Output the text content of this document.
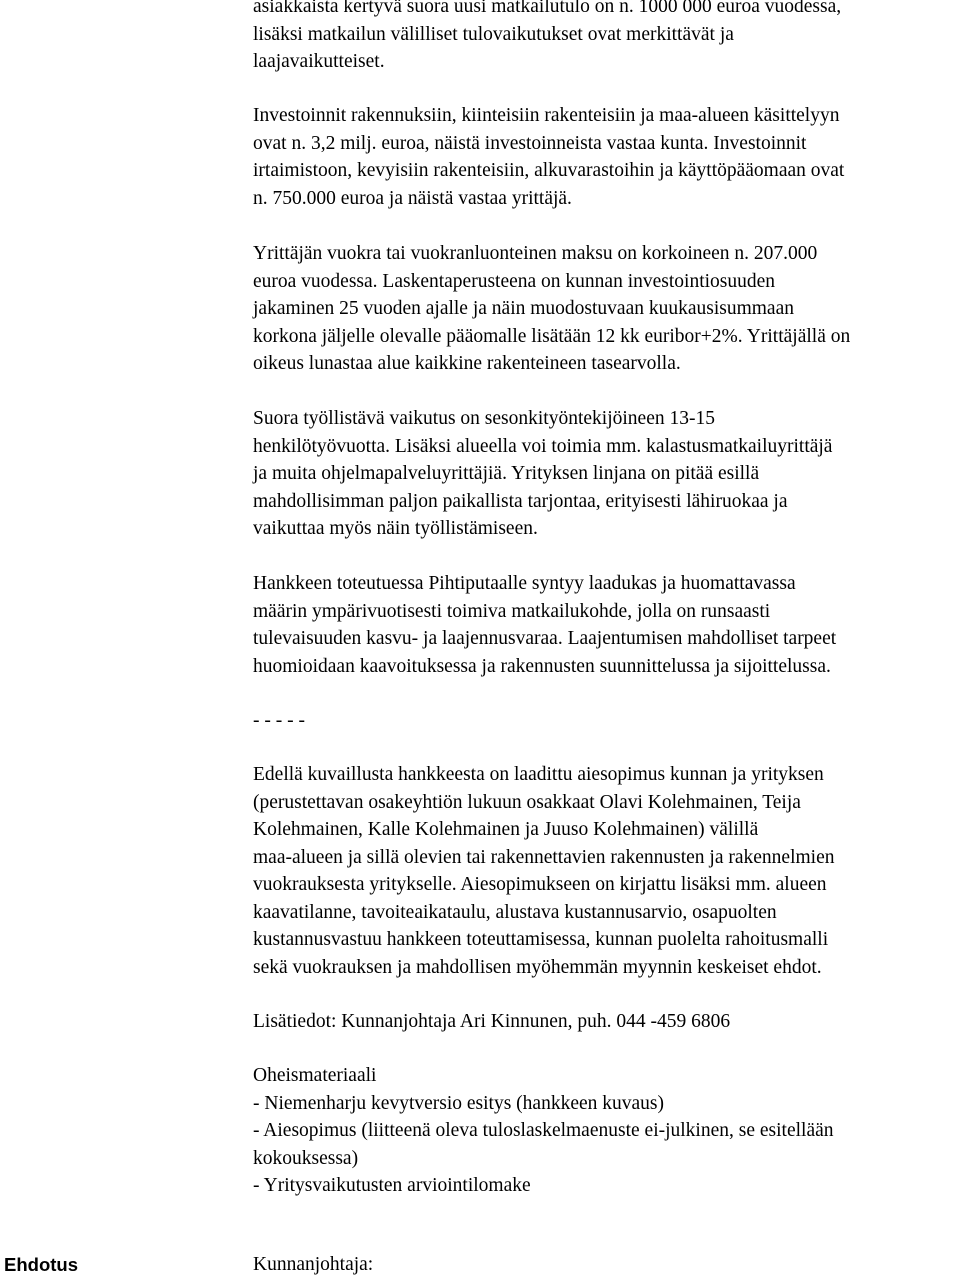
asiakkaista kertyvä suora uusi matkailutulo on n. 1000 000 euroa vuodessa,
lisäksi matkailun välilliset tulovaikutukset ovat merkittävät ja
laajavaikutteiset.
Investoinnit rakennuksiin, kiinteisiin rakenteisiin ja maa-alueen käsittelyyn
ovat n. 3,2 milj. euroa, näistä investoinneista vastaa kunta. Investoinnit
irtaimistoon, kevyisiin rakenteisiin, alkuvarastoihin ja käyttöpääomaan ovat
n. 750.000 euroa ja näistä vastaa yrittäjä.
Yrittäjän vuokra tai vuokranluonteinen maksu on korkoineen n. 207.000
euroa vuodessa. Laskentaperusteena on kunnan investointiosuuden
jakaminen 25 vuoden ajalle ja näin muodostuvaan kuukausisummaan
korkona jäljelle olevalle pääomalle lisätään 12 kk euribor+2%. Yrittäjällä on
oikeus lunastaa alue kaikkine rakenteineen tasearvolla.
Suora työllistävä vaikutus on sesonkityöntekijöineen 13-15
henkilötyövuotta. Lisäksi alueella voi toimia mm. kalastusmatkailuyrittäjä
ja muita ohjelmapalveluyrittäjiä. Yrityksen linjana on pitää esillä
mahdollisimman paljon paikallista tarjontaa, erityisesti lähiruokaa ja
vaikuttaa myös näin työllistämiseen.
Hankkeen toteutuessa Pihtiputaalle syntyy laadukas ja huomattavassa
määrin ympärivuotisesti toimiva matkailukohde, jolla on runsaasti
tulevaisuuden kasvu- ja laajennusvaraa. Laajentumisen mahdolliset tarpeet
huomioidaan kaavoituksessa ja rakennusten suunnittelussa ja sijoittelussa.
- - - - -
Edellä kuvaillusta hankkeesta on laadittu aiesopimus kunnan ja yrityksen
(perustettavan osakeyhtiön lukuun osakkaat Olavi Kolehmainen, Teija
Kolehmainen, Kalle Kolehmainen ja Juuso Kolehmainen) välillä
maa-alueen ja sillä olevien tai rakennettavien rakennusten ja rakennelmien
vuokrauksesta yritykselle. Aiesopimukseen on kirjattu lisäksi mm. alueen
kaavatilanne, tavoiteaikataulu, alustava kustannusarvio, osapuolten
kustannusvastuu hankkeen toteuttamisessa, kunnan puolelta rahoitusmalli
sekä vuokrauksen ja mahdollisen myöhemmän myynnin keskeiset ehdot.
Lisätiedot: Kunnanjohtaja Ari Kinnunen, puh. 044 -459 6806
Oheismateriaali
- Niemenharju kevytversio esitys (hankkeen kuvaus)
- Aiesopimus (liitteenä oleva tuloslaskelmaenuste ei-julkinen, se esitellään
kokouksessa)
- Yritysvaikutusten arviointilomake
Ehdotus	Kunnanjohtaja:
